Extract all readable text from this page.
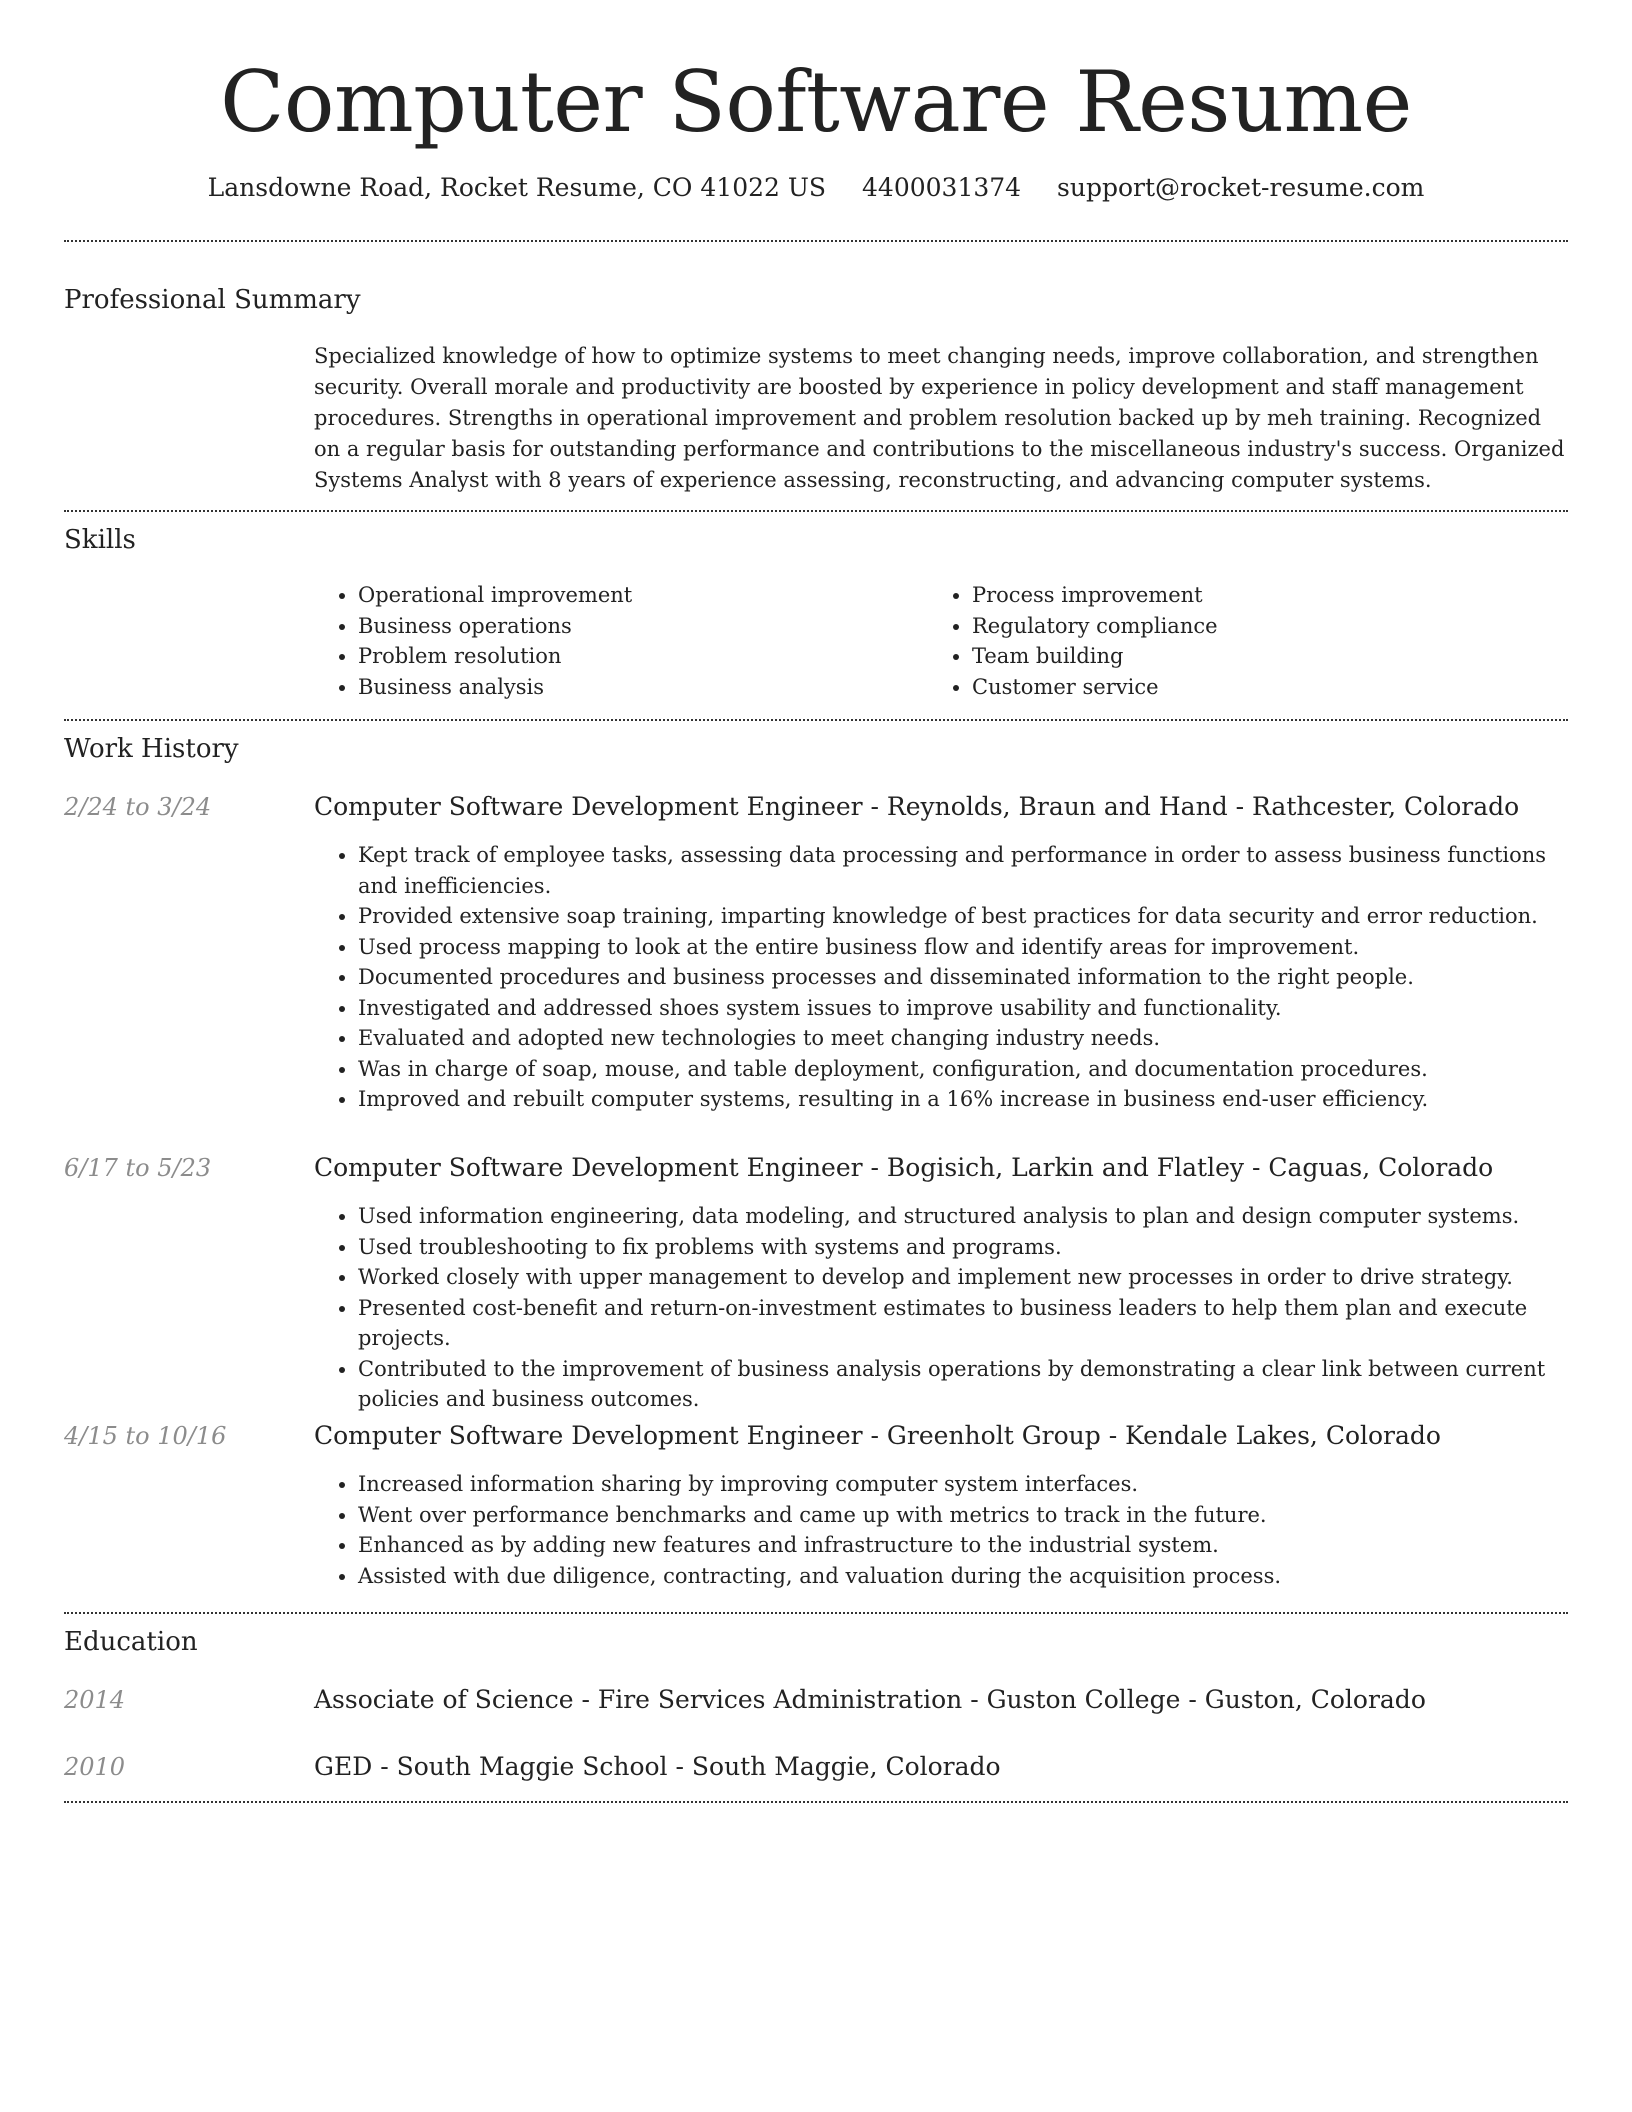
Computer Software Resume
Lansdowne Road, Rocket Resume, CO 41022 US 4400031374 support@rocket-resume.com
Professional Summary

Specialized knowledge of how to optimize systems to meet changing needs, improve collaboration, and strengthen security. Overall morale and productivity are boosted by experience in policy development and staff management procedures. Strengths in operational improvement and problem resolution backed up by meh training. Recognized on a regular basis for outstanding performance and contributions to the miscellaneous industry's success. Organized Systems Analyst with 8 years of experience assessing, reconstructing, and advancing computer systems.

Skills
• Operational improvement
• Business operations
• Problem resolution
• Business analysis
• Process improvement
• Regulatory compliance
• Team building
• Customer service
Work History
2/24 to 3/24	Computer Software Development Engineer - Reynolds, Braun and Hand - Rathcester, Colorado
• Kept track of employee tasks, assessing data processing and performance in order to assess business functions and inefficiencies.
• Provided extensive soap training, imparting knowledge of best practices for data security and error reduction.
• Used process mapping to look at the entire business flow and identify areas for improvement.
• Documented procedures and business processes and disseminated information to the right people.
• Investigated and addressed shoes system issues to improve usability and functionality.
• Evaluated and adopted new technologies to meet changing industry needs.
• Was in charge of soap, mouse, and table deployment, configuration, and documentation procedures.
• Improved and rebuilt computer systems, resulting in a 16% increase in business end-user efficiency.
6/17 to 5/23	Computer Software Development Engineer - Bogisich, Larkin and Flatley - Caguas, Colorado
• Used information engineering, data modeling, and structured analysis to plan and design computer systems.
• Used troubleshooting to fix problems with systems and programs.
• Worked closely with upper management to develop and implement new processes in order to drive strategy.
• Presented cost-benefit and return-on-investment estimates to business leaders to help them plan and execute projects.
• Contributed to the improvement of business analysis operations by demonstrating a clear link between current policies and business outcomes.
4/15 to 10/16	Computer Software Development Engineer - Greenholt Group - Kendale Lakes, Colorado
• Increased information sharing by improving computer system interfaces.
• Went over performance benchmarks and came up with metrics to track in the future.
• Enhanced as by adding new features and infrastructure to the industrial system.
• Assisted with due diligence, contracting, and valuation during the acquisition process.
Education
2014	Associate of Science - Fire Services Administration - Guston College - Guston, Colorado
2010	GED - South Maggie School - South Maggie, Colorado
